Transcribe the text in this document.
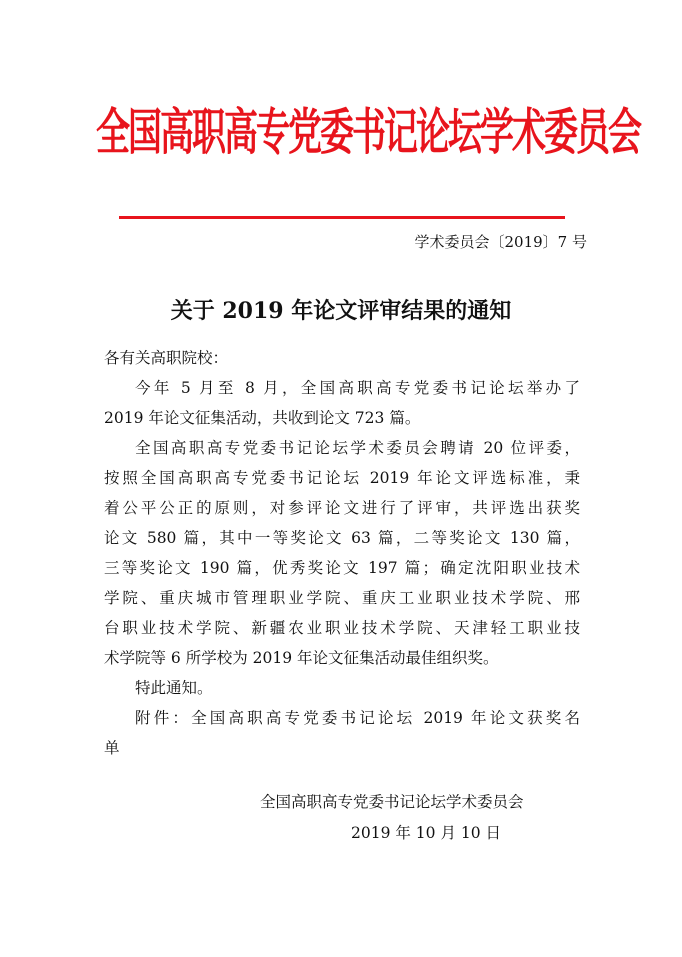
全国高职高专党委书记论坛学术委员会
学术委员会〔2019〕7 号
关于 2019 年论文评审结果的通知
各有关高职院校：
今年 5 月至 8 月，全国高职高专党委书记论坛举办了
2019 年论文征集活动，共收到论文 723 篇。
全国高职高专党委书记论坛学术委员会聘请 20 位评委，
按照全国高职高专党委书记论坛 2019 年论文评选标准，秉
着公平公正的原则，对参评论文进行了评审，共评选出获奖
论文 580 篇，其中一等奖论文 63 篇，二等奖论文 130 篇，
三等奖论文 190 篇，优秀奖论文 197 篇；确定沈阳职业技术
学院、重庆城市管理职业学院、重庆工业职业技术学院、邢
台职业技术学院、新疆农业职业技术学院、天津轻工职业技
术学院等 6 所学校为 2019 年论文征集活动最佳组织奖。
特此通知。
附件：全国高职高专党委书记论坛 2019 年论文获奖名
单
全国高职高专党委书记论坛学术委员会
2019 年 10 月 10 日
